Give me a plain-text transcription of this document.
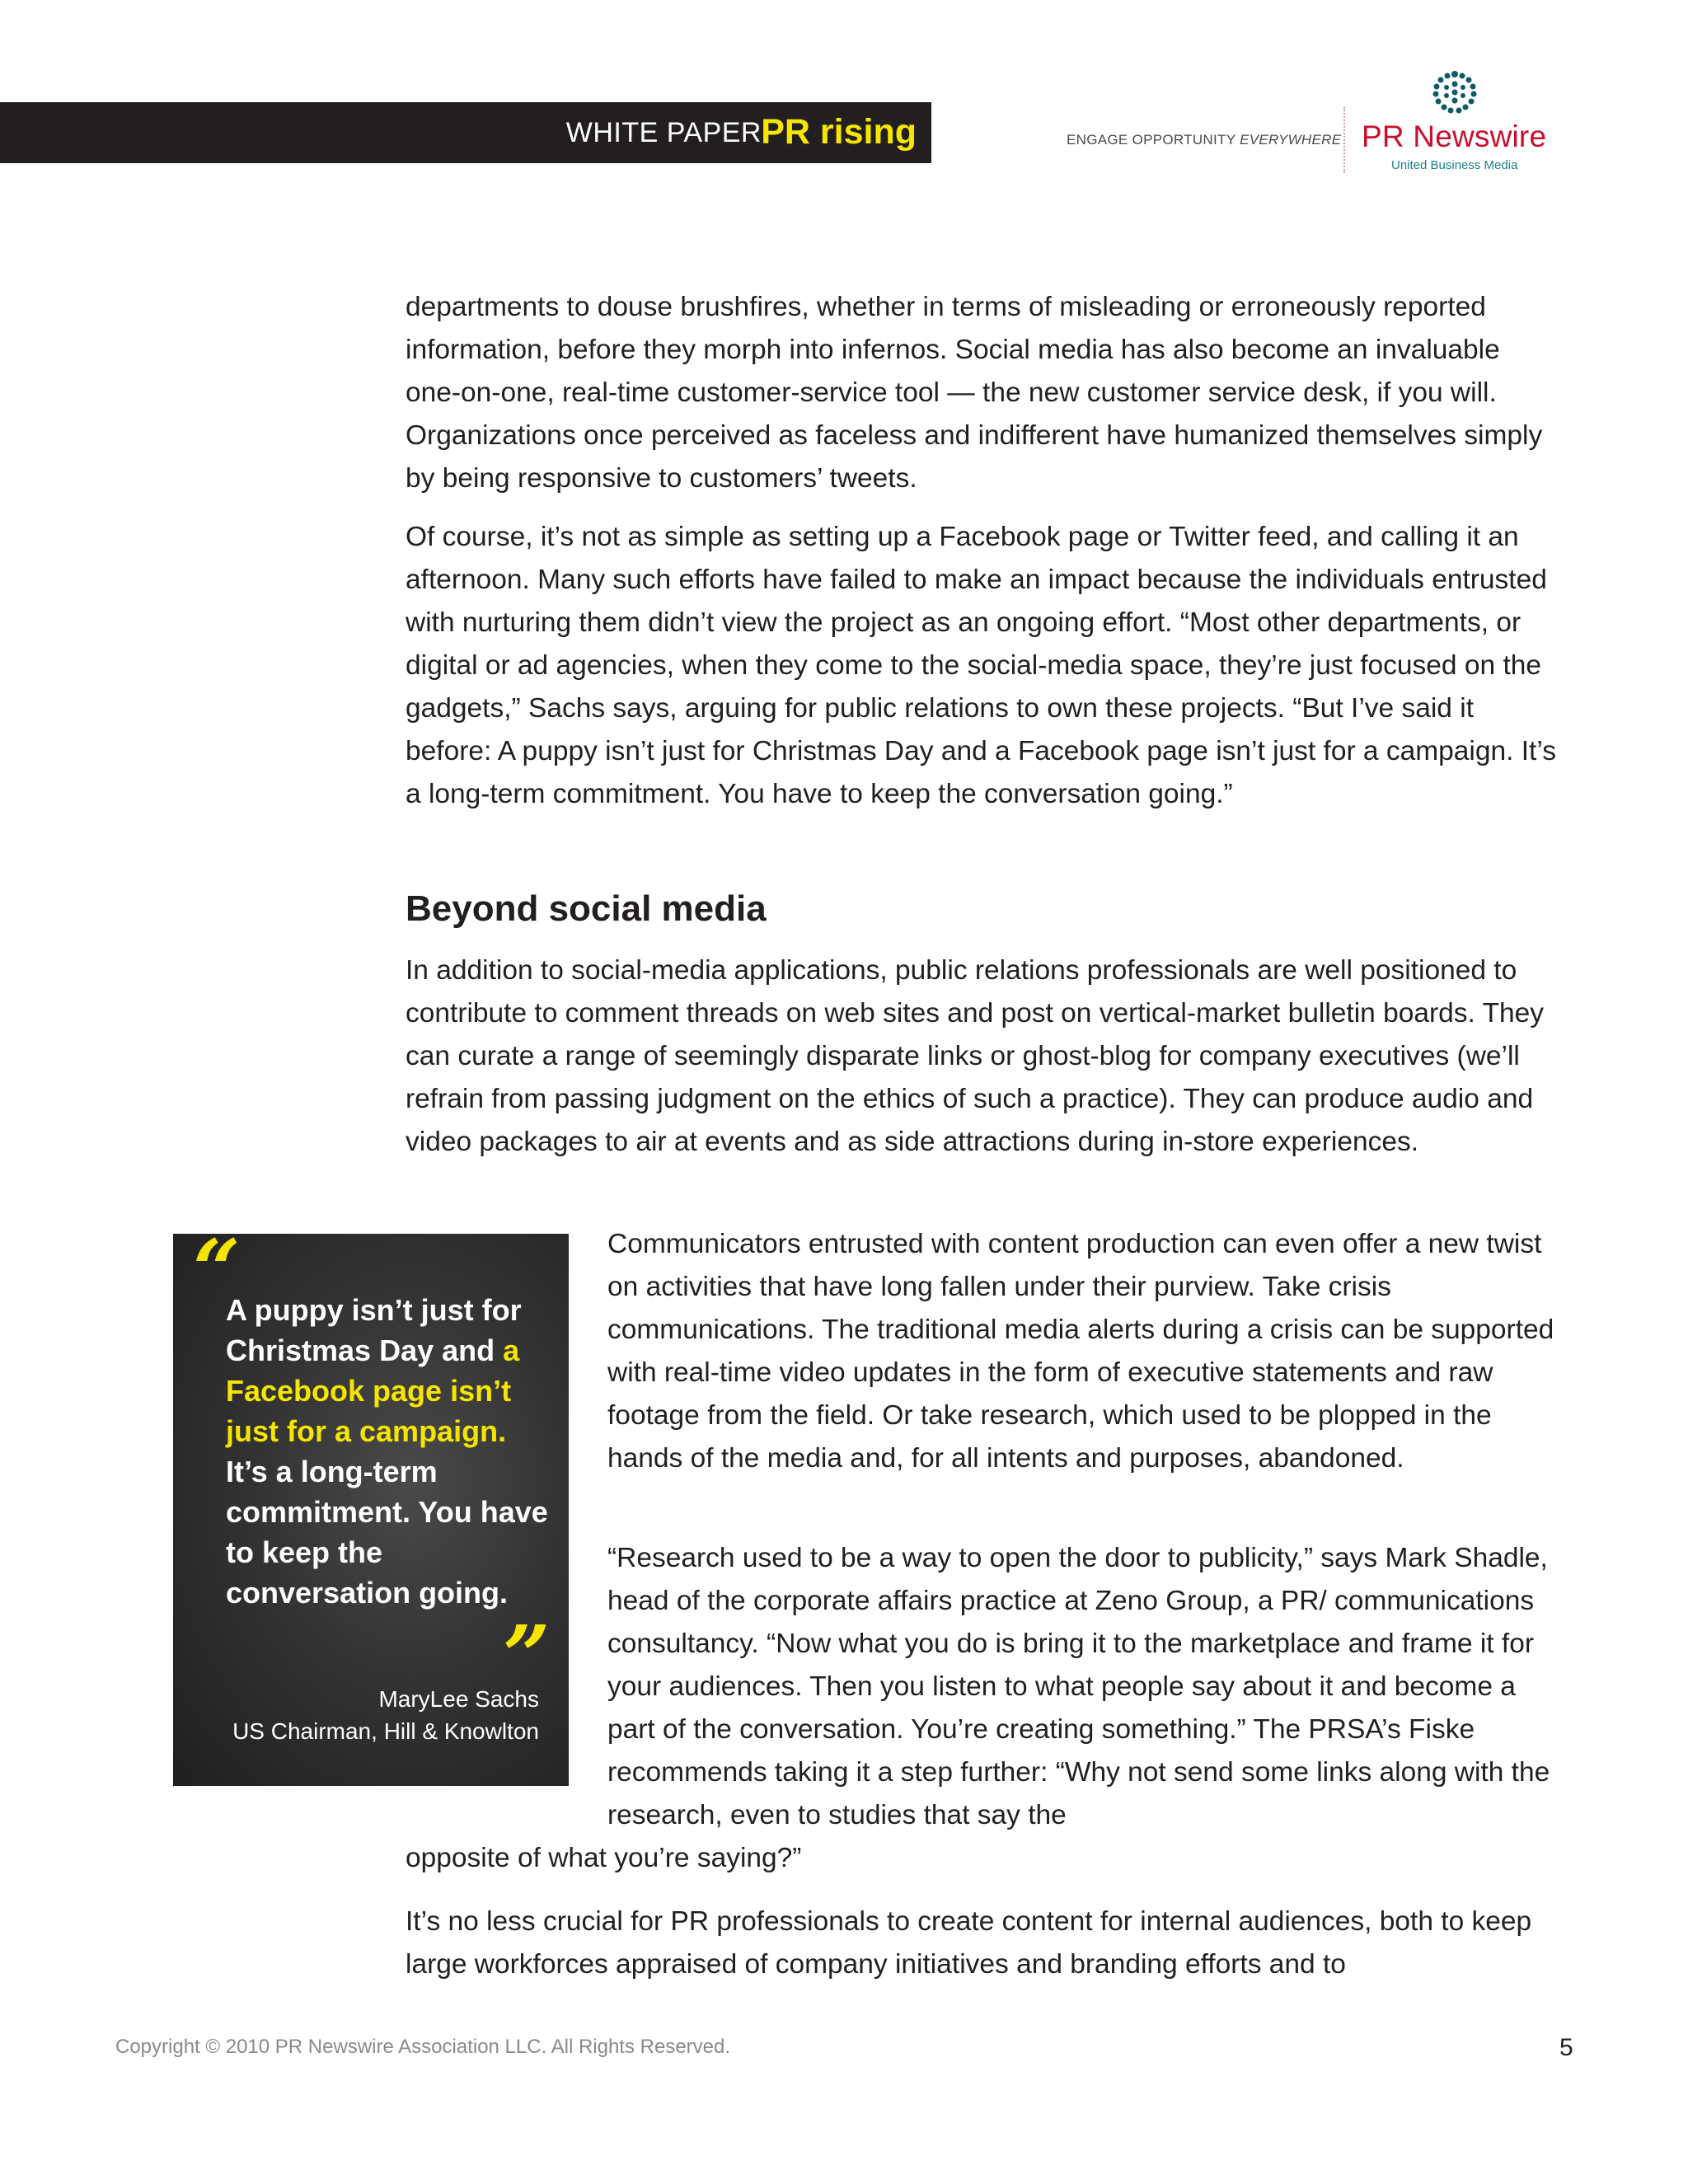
WHITE PAPER PR rising	ENGAGE OPPORTUNITY EVERYWHERE PR Newswire
United Business Media

departments to douse brushfires, whether in terms of misleading or erroneously reported information, before they morph into infernos. Social media has also become an invaluable one-on-one, real-time customer-service tool — the new customer service desk, if you will. Organizations once perceived as faceless and indifferent have humanized themselves simply by being responsive to customers’ tweets.

Of course, it’s not as simple as setting up a Facebook page or Twitter feed, and calling it an afternoon. Many such efforts have failed to make an impact because the individuals entrusted with nurturing them didn’t view the project as an ongoing effort. “Most other departments, or digital or ad agencies, when they come to the social-media space, they’re just focused on the gadgets,” Sachs says, arguing for public relations to own these projects. “But I’ve said it before: A puppy isn’t just for Christmas Day and a Facebook page isn’t just for a campaign. It’s a long-term commitment. You have to keep the conversation going.”

Beyond social media

In addition to social-media applications, public relations professionals are well positioned to contribute to comment threads on web sites and post on vertical-market bulletin boards. They can curate a range of seemingly disparate links or ghost-blog for company executives (we’ll refrain from passing judgment on the ethics of such a practice). They can produce audio and video packages to air at events and as side attractions during in-store experiences.

“
A puppy isn’t just for Christmas Day and a Facebook page isn’t just for a campaign. It’s a long-term commitment. You have to keep the conversation going.
”
MaryLee Sachs
US Chairman, Hill & Knowlton

Communicators entrusted with content production can even offer a new twist on activities that have long fallen under their purview. Take crisis communications. The traditional media alerts during a crisis can be supported with real-time video updates in the form of executive statements and raw footage from the field. Or take research, which used to be plopped in the hands of the media and, for all intents and purposes, abandoned.

“Research used to be a way to open the door to publicity,” says Mark Shadle, head of the corporate affairs practice at Zeno Group, a PR/ communications consultancy. “Now what you do is bring it to the marketplace and frame it for your audiences. Then you listen to what people say about it and become a part of the conversation. You’re creating something.” The PRSA’s Fiske recommends taking it a step further: “Why not send some links along with the research, even to studies that say the

opposite of what you’re saying?”

It’s no less crucial for PR professionals to create content for internal audiences, both to keep large workforces appraised of company initiatives and branding efforts and to

Copyright © 2010 PR Newswire Association LLC. All Rights Reserved.	5
